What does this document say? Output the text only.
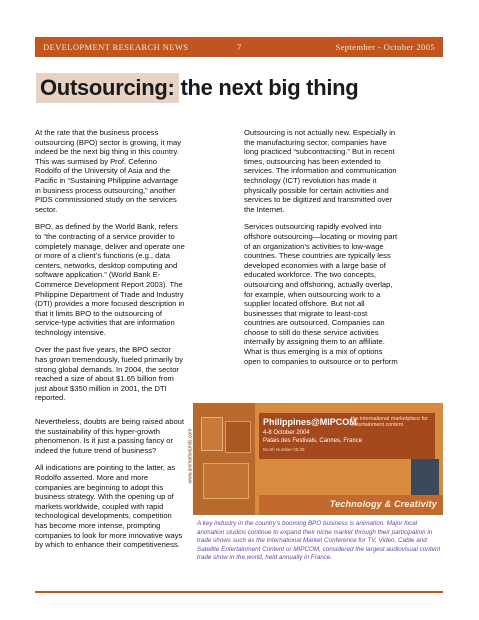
DEVELOPMENT RESEARCH NEWS	7	September - October 2005
Outsourcing: the next big thing

At the rate that the business process outsourcing (BPO) sector is growing, it may indeed be the next big thing in this country. This was surmised by Prof. Ceferino Rodolfo of the University of Asia and the Pacific in “Sustaining Philippine advantage in business process outsourcing,” another PIDS commissioned study on the services sector.

BPO, as defined by the World Bank, refers to “the contracting of a service provider to completely manage, deliver and operate one or more of a client’s functions (e.g., data centers, networks, desktop computing and software application.” (World Bank E-Commerce Development Report 2003). The Philippine Department of Trade and Industry (DTI) provides a more focused description in that it limits BPO to the outsourcing of service-type activities that are information technology intensive.

Over the past five years, the BPO sector has grown tremendously, fueled primarily by strong global demands. In 2004, the sector reached a size of about $1.65 billion from just about $350 million in 2001, the DTI reported.

Nevertheless, doubts are being raised about the sustainability of this hyper-growth phenomenon. Is it just a passing fancy or indeed the future trend of business?

All indications are pointing to the latter, as Rodolfo asserted. More and more companies are beginning to adopt this business strategy. With the opening up of markets worldwide, coupled with rapid technological developments, competition has become more intense, prompting companies to look for more innovative ways by which to enhance their competitiveness.

Outsourcing is not actually new. Especially in the manufacturing sector, companies have long practiced “subcontracting.” But in recent times, outsourcing has been extended to services. The information and communication technology (ICT) revolution has made it physically possible for certain activities and services to be digitized and transmitted over the Internet.

Services outsourcing rapidly evolved into offshore outsourcing—locating or moving part of an organization’s activities to low-wage countries. These countries are typically less developed economies with a large base of educated workforce. The two concepts, outsourcing and offshoring, actually overlap, for example, when outsourcing work to a supplier located offshore. But not all businesses that migrate to least-cost countries are outsourced. Companies can choose to still do these service activities internally by assigning them to an affiliate. What is thus emerging is a mix of options open to companies to outsource or to perform

www.animationphils.com
Philippines@MIPCOM
the international marketplace for entertainment content
4-8 October 2004
Palais des Festivals, Cannes, France
Booth Number 08.39
Technology & Creativity
A key industry in the country’s booming BPO business is animation. Major local animation studios continue to expand their niche market through their participation in trade shows such as the International Market Conference for TV, Video, Cable and Satellite Entertainment Content or MIPCOM, considered the largest audiovisual content trade show in the world, held annually in France.
